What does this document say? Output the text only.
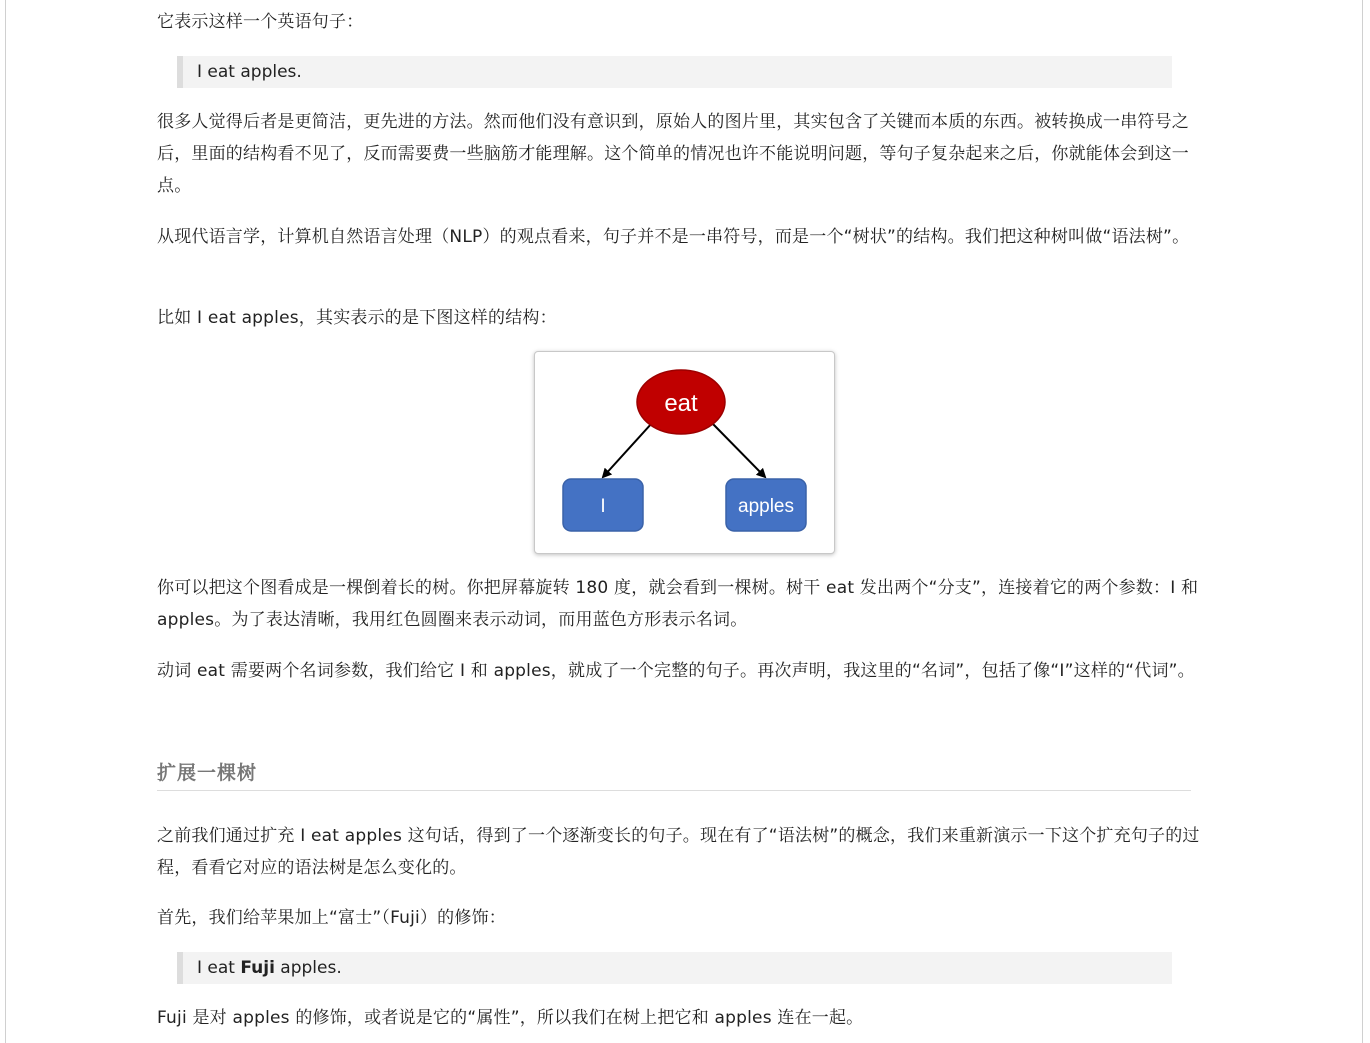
它表示这样一个英语句子：

I eat apples.

很多人觉得后者是更简洁，更先进的方法。然而他们没有意识到，原始人的图片里，其实包含了关键而本质的东西。被转换成一串符号之后，里面的结构看不见了，反而需要费一些脑筋才能理解。这个简单的情况也许不能说明问题，等句子复杂起来之后，你就能体会到这一点。

从现代语言学，计算机自然语言处理（NLP）的观点看来，句子并不是一串符号，而是一个“树状”的结构。我们把这种树叫做“语法树”。

比如 I eat apples，其实表示的是下图这样的结构：

eat
I	apples

你可以把这个图看成是一棵倒着长的树。你把屏幕旋转 180 度，就会看到一棵树。树干 eat 发出两个“分支”，连接着它的两个参数：I 和 apples。为了表达清晰，我用红色圆圈来表示动词，而用蓝色方形表示名词。

动词 eat 需要两个名词参数，我们给它 I 和 apples，就成了一个完整的句子。再次声明，我这里的“名词”，包括了像“I”这样的“代词”。

扩展一棵树

之前我们通过扩充 I eat apples 这句话，得到了一个逐渐变长的句子。现在有了“语法树”的概念，我们来重新演示一下这个扩充句子的过程，看看它对应的语法树是怎么变化的。

首先，我们给苹果加上“富士”（Fuji）的修饰：

I eat Fuji apples.

Fuji 是对 apples 的修饰，或者说是它的“属性”，所以我们在树上把它和 apples 连在一起。
